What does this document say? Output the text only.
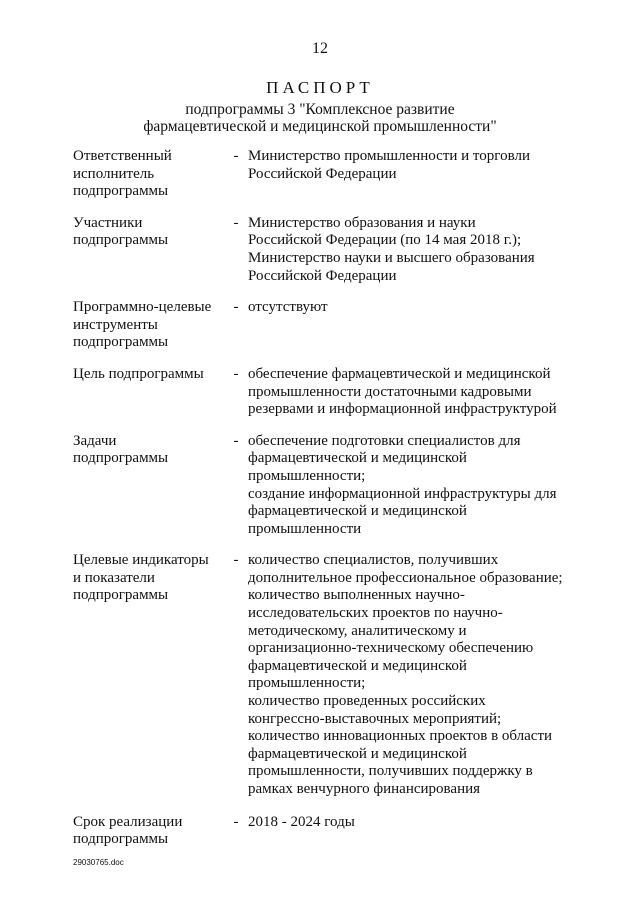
12
ПАСПОРТ
подпрограммы 3 "Комплексное развитие
фармацевтической и медицинской промышленности"
Ответственный
исполнитель
подпрограммы
- Министерство промышленности и торговли
Российской Федерации
Участники
подпрограммы
- Министерство образования и науки
Российской Федерации (по 14 мая 2018 г.);
Министерство науки и высшего образования
Российской Федерации
Программно-целевые
инструменты
подпрограммы
- отсутствуют
Цель подпрограммы	- обеспечение фармацевтической и медицинской
промышленности достаточными кадровыми
резервами и информационной инфраструктурой
Задачи
подпрограммы
- обеспечение подготовки специалистов для
фармацевтической и медицинской
промышленности;
создание информационной инфраструктуры для
фармацевтической и медицинской
промышленности
Целевые индикаторы
и показатели
подпрограммы
- количество специалистов, получивших
дополнительное профессиональное образование;
количество выполненных научно-
исследовательских проектов по научно-
методическому, аналитическому и
организационно-техническому обеспечению
фармацевтической и медицинской
промышленности;
количество проведенных российских
конгрессно-выставочных мероприятий;
количество инновационных проектов в области
фармацевтической и медицинской
промышленности, получивших поддержку в
рамках венчурного финансирования
Срок реализации
подпрограммы
- 2018 - 2024 годы
29030765.doc
